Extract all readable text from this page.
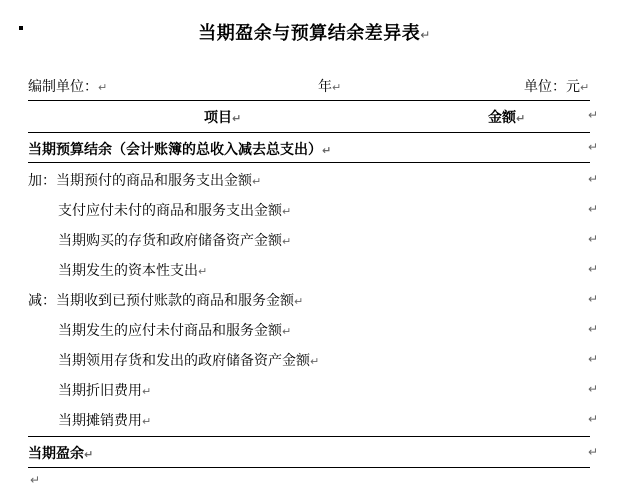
当期盈余与预算结余差异表↵
编制单位：↵	年↵	单位：元↵
项目↵	金额↵	↵
当期预算结余（会计账簿的总收入减去总支出）↵	↵
加：当期预付的商品和服务支出金额↵	↵
支付应付未付的商品和服务支出金额↵	↵
当期购买的存货和政府储备资产金额↵	↵
当期发生的资本性支出↵	↵
减：当期收到已预付账款的商品和服务金额↵	↵
当期发生的应付未付商品和服务金额↵	↵
当期领用存货和发出的政府储备资产金额↵	↵
当期折旧费用↵	↵
当期摊销费用↵	↵
当期盈余↵	↵
↵
